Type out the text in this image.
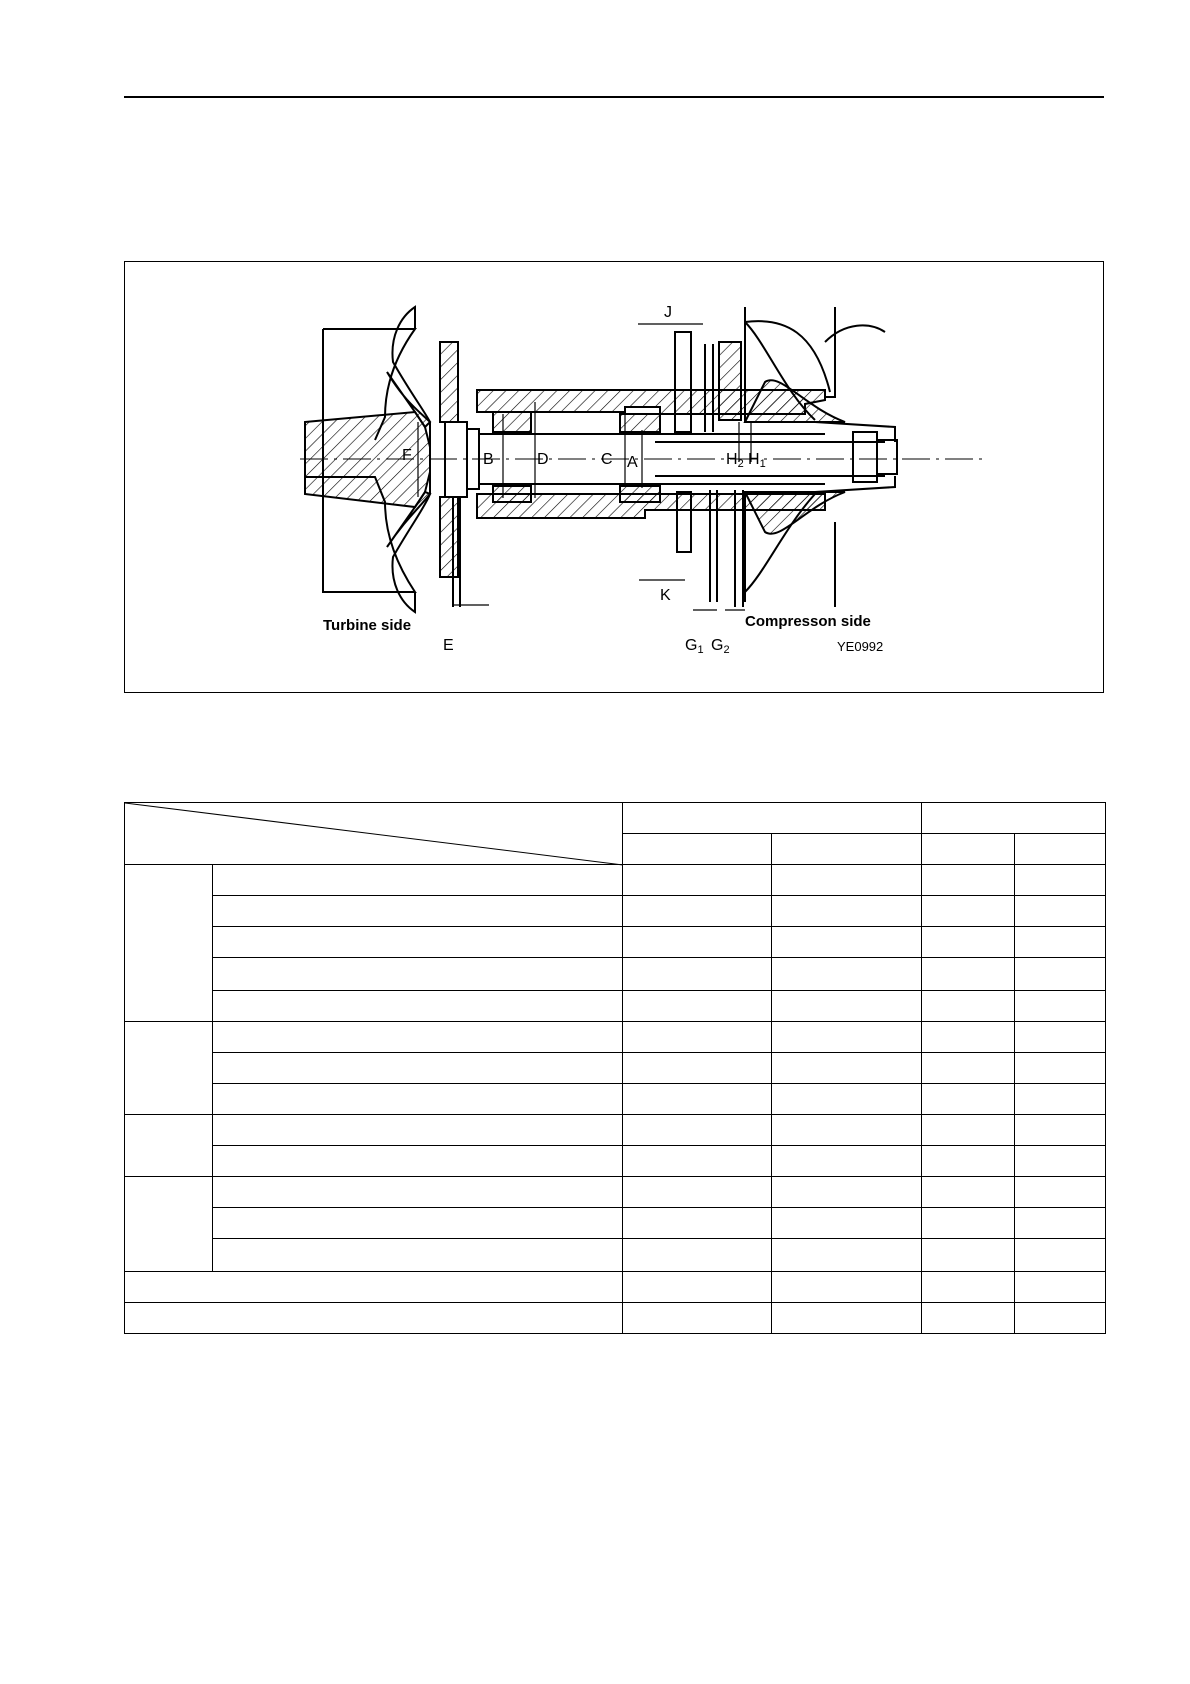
F	B	D	C A
E
J
K
G1 G2
H2 H1
Turbine side	Compresson side
YE0992
